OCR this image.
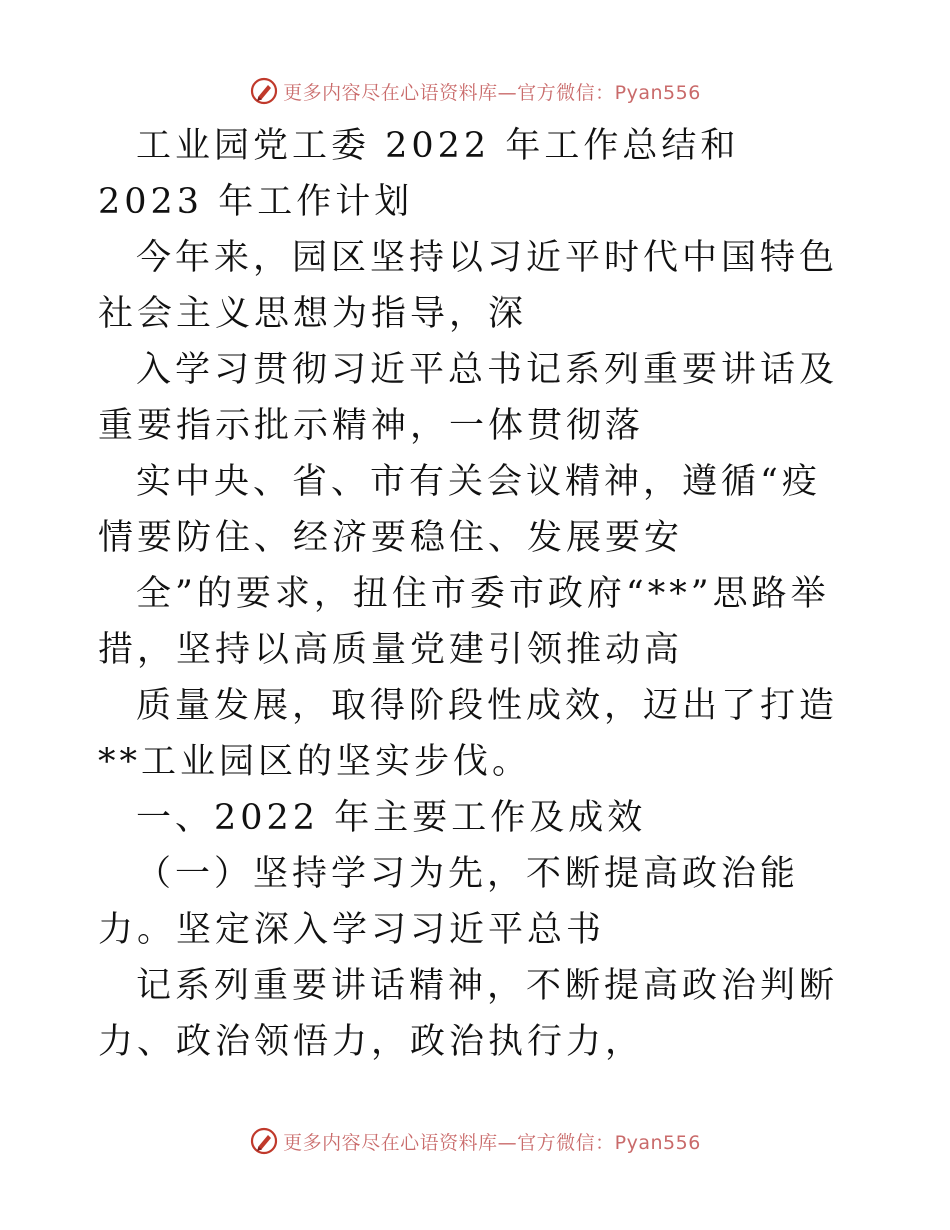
更多内容尽在心语资料库—官方微信：Pyan556

工业园党工委 2022 年工作总结和 2023 年工作计划

今年来，园区坚持以习近平时代中国特色社会主义思想为指导，深

入学习贯彻习近平总书记系列重要讲话及重要指示批示精神，一体贯彻落

实中央、省、市有关会议精神，遵循“疫情要防住、经济要稳住、发展要安

全”的要求，扭住市委市政府“**”思路举措，坚持以高质量党建引领推动高

质量发展，取得阶段性成效，迈出了打造**工业园区的坚实步伐。

一、2022 年主要工作及成效

（一）坚持学习为先，不断提高政治能力。坚定深入学习习近平总书

记系列重要讲话精神，不断提高政治判断力、政治领悟力，政治执行力，

更多内容尽在心语资料库—官方微信：Pyan556
